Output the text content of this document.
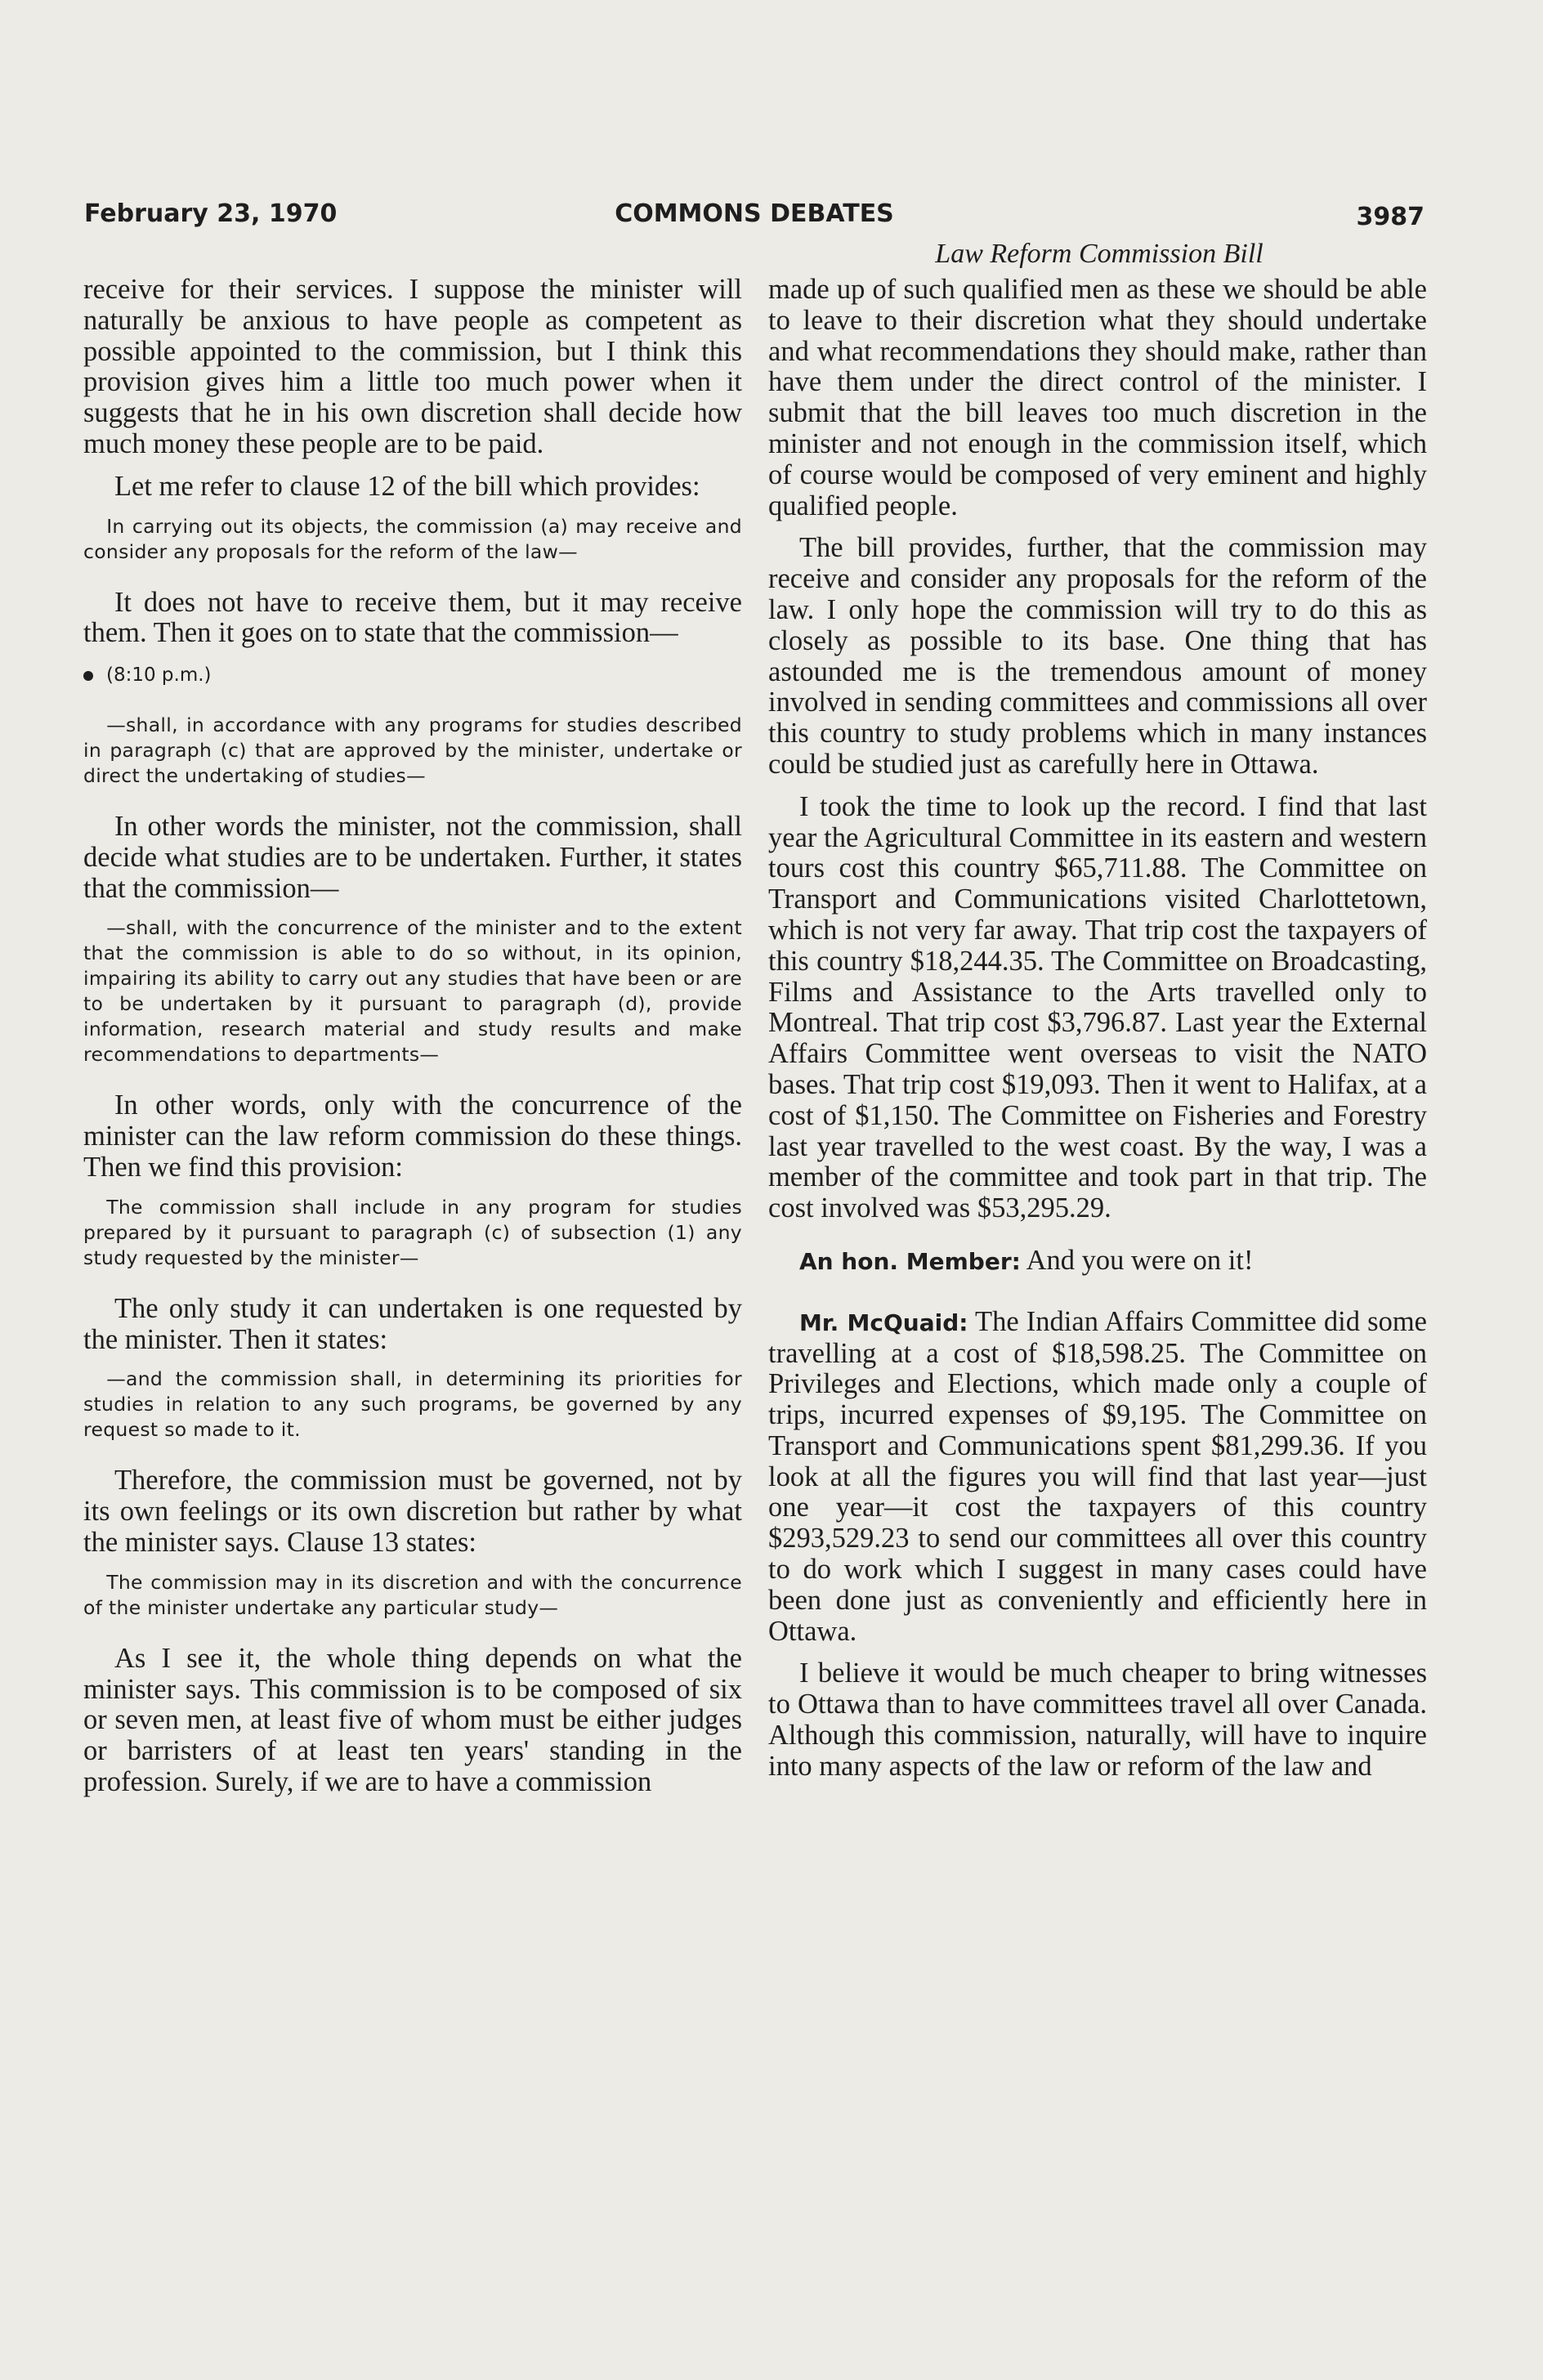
February 23, 1970	COMMONS DEBATES	3987
Law Reform Commission Bill

receive for their services. I suppose the minister will naturally be anxious to have people as competent as possible appointed to the commission, but I think this provision gives him a little too much power when it suggests that he in his own discretion shall decide how much money these people are to be paid.

Let me refer to clause 12 of the bill which provides:

In carrying out its objects, the commission (a) may receive and consider any proposals for the reform of the law—

It does not have to receive them, but it may receive them. Then it goes on to state that the commission—

(8:10 p.m.)
—shall, in accordance with any programs for studies described in paragraph (c) that are approved by the minister, undertake or direct the undertaking of studies—

In other words the minister, not the commission, shall decide what studies are to be undertaken. Further, it states that the commission—

—shall, with the concurrence of the minister and to the extent that the commission is able to do so without, in its opinion, impairing its ability to carry out any studies that have been or are to be undertaken by it pursuant to paragraph (d), provide information, research material and study results and make recommendations to departments—

In other words, only with the concurrence of the minister can the law reform commission do these things. Then we find this provision:

The commission shall include in any program for studies prepared by it pursuant to paragraph (c) of subsection (1) any study requested by the minister—

The only study it can undertaken is one requested by the minister. Then it states:

—and the commission shall, in determining its priorities for studies in relation to any such programs, be governed by any request so made to it.

Therefore, the commission must be governed, not by its own feelings or its own discretion but rather by what the minister says. Clause 13 states:

The commission may in its discretion and with the concurrence of the minister undertake any particular study—

As I see it, the whole thing depends on what the minister says. This commission is to be composed of six or seven men, at least five of whom must be either judges or barristers of at least ten years' standing in the profession. Surely, if we are to have a commission

made up of such qualified men as these we should be able to leave to their discretion what they should undertake and what recommendations they should make, rather than have them under the direct control of the minister. I submit that the bill leaves too much discretion in the minister and not enough in the commission itself, which of course would be composed of very eminent and highly qualified people.

The bill provides, further, that the commission may receive and consider any proposals for the reform of the law. I only hope the commission will try to do this as closely as possible to its base. One thing that has astounded me is the tremendous amount of money involved in sending committees and commissions all over this country to study problems which in many instances could be studied just as carefully here in Ottawa.

I took the time to look up the record. I find that last year the Agricultural Committee in its eastern and western tours cost this country $65,711.88. The Committee on Transport and Communications visited Charlottetown, which is not very far away. That trip cost the taxpayers of this country $18,244.35. The Committee on Broadcasting, Films and Assistance to the Arts travelled only to Montreal. That trip cost $3,796.87. Last year the External Affairs Committee went overseas to visit the NATO bases. That trip cost $19,093. Then it went to Halifax, at a cost of $1,150. The Committee on Fisheries and Forestry last year travelled to the west coast. By the way, I was a member of the committee and took part in that trip. The cost involved was $53,295.29.

An hon. Member: And you were on it!

Mr. McQuaid: The Indian Affairs Committee did some travelling at a cost of $18,598.25. The Committee on Privileges and Elections, which made only a couple of trips, incurred expenses of $9,195. The Committee on Transport and Communications spent $81,299.36. If you look at all the figures you will find that last year—just one year—it cost the taxpayers of this country $293,529.23 to send our committees all over this country to do work which I suggest in many cases could have been done just as conveniently and efficiently here in Ottawa.

I believe it would be much cheaper to bring witnesses to Ottawa than to have committees travel all over Canada. Although this commission, naturally, will have to inquire into many aspects of the law or reform of the law and
